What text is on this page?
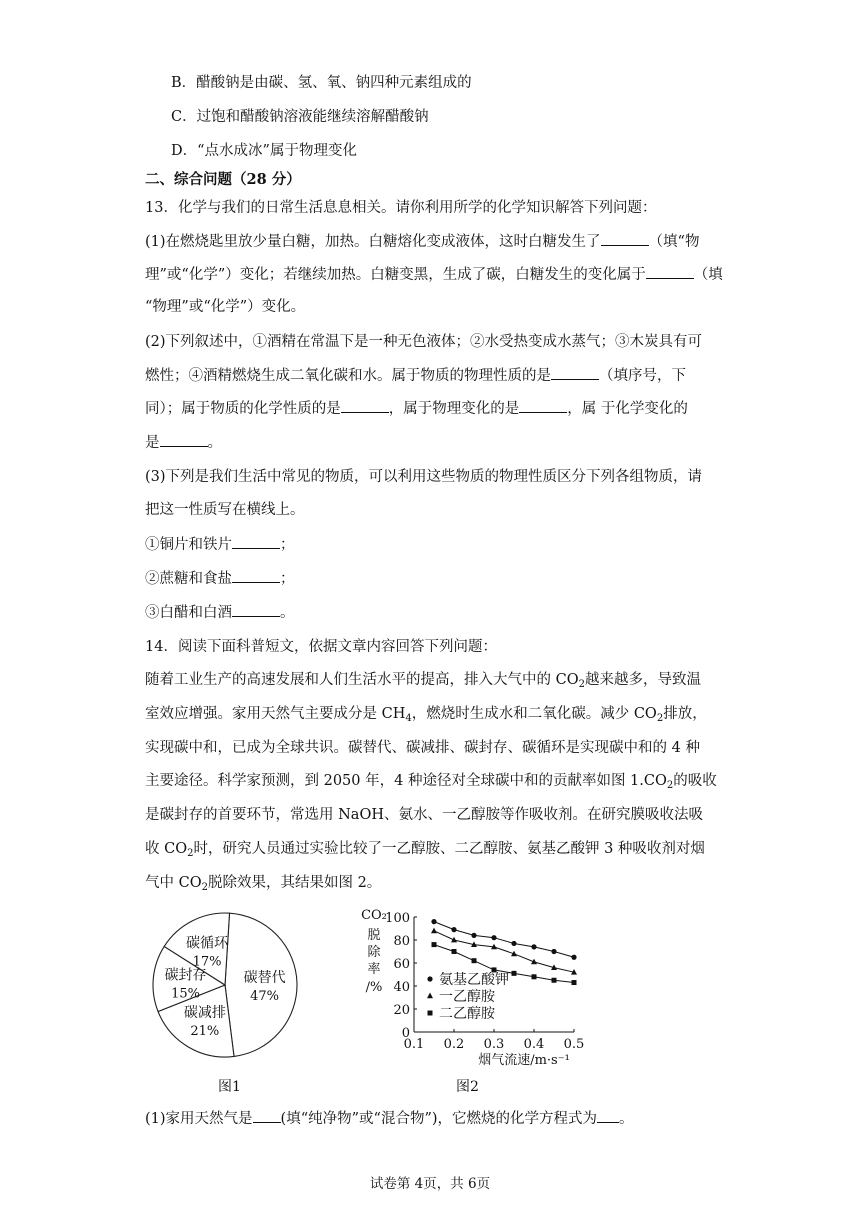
B．醋酸钠是由碳、氢、氧、钠四种元素组成的
C．过饱和醋酸钠溶液能继续溶解醋酸钠
D．“点水成冰”属于物理变化
二、综合问题（28 分）
13．化学与我们的日常生活息息相关。请你利用所学的化学知识解答下列问题：
(1)在燃烧匙里放少量白糖，加热。白糖熔化变成液体，这时白糖发生了	（填“物
理”或“化学”）变化；若继续加热。白糖变黑，生成了碳，白糖发生的变化属于	（填
“物理”或“化学”）变化。
(2)下列叙述中，①酒精在常温下是一种无色液体；②水受热变成水蒸气；③木炭具有可
燃性；④酒精燃烧生成二氧化碳和水。属于物质的物理性质的是	（填序号，下
同）；属于物质的化学性质的是	，属于物理变化的是	，属 于化学变化的
是	。
(3)下列是我们生活中常见的物质，可以利用这些物质的物理性质区分下列各组物质，请
把这一性质写在横线上。
①铜片和铁片	；
②蔗糖和食盐	；
③白醋和白酒	。
14．阅读下面科普短文，依据文章内容回答下列问题：
随着工业生产的高速发展和人们生活水平的提高，排入大气中的 $CO_2$越来越多，导致温
室效应增强。家用天然气主要成分是 $CH_4$，燃烧时生成水和二氧化碳。减少 $CO_2$排放，
实现碳中和，已成为全球共识。碳替代、碳减排、碳封存、碳循环是实现碳中和的 4 种
主要途径。科学家预测，到 2050 年，4 种途径对全球碳中和的贡献率如图 $1.CO_2$的吸收
是碳封存的首要环节，常选用 NaOH、氨水、一乙醇胺等作吸收剂。在研究膜吸收法吸
收 $CO_2$时，研究人员通过实验比较了一乙醇胺、二乙醇胺、氨基乙酸钾 3 种吸收剂对烟
气中 $CO_2$脱除效果，其结果如图 2。
碳替代
47%
碳减排
21%
碳封存
15%
碳循环
17%
图1
0
20
40
60
80
100
0.1 0.2 0.3 0.4 0.5
CO₂
脱
除
率
/%
烟气流速/m·s⁻¹
氨基乙酸钾
一乙醇胺
二乙醇胺
图2
(1)家用天然气是 (填“纯净物”或“混合物”)，它燃烧的化学方程式为 。
试卷第 4页，共 6页
